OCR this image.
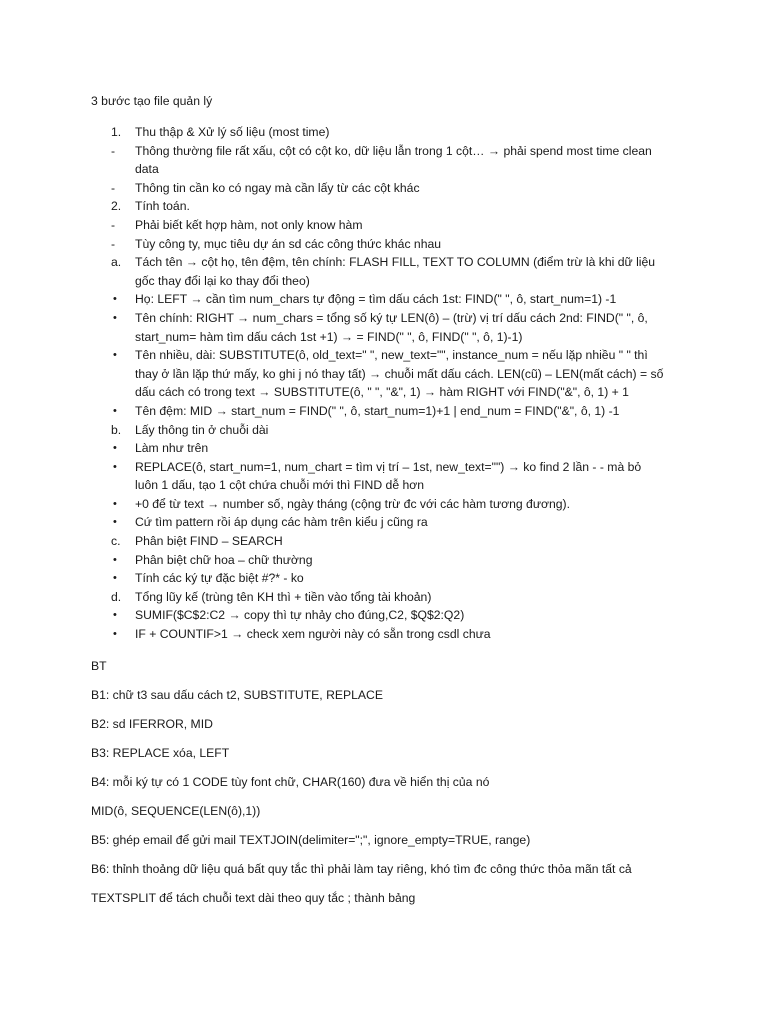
3 bước tạo file quản lý
1. Thu thập & Xử lý số liệu (most time)
- Thông thường file rất xấu, cột có cột ko, dữ liệu lẫn trong 1 cột… → phải spend most time clean
data
- Thông tin cần ko có ngay mà cần lấy từ các cột khác
2. Tính toán.
- Phải biết kết hợp hàm, not only know hàm
- Tùy công ty, mục tiêu dự án sd các công thức khác nhau
a. Tách tên → cột họ, tên đệm, tên chính: FLASH FILL, TEXT TO COLUMN (điểm trừ là khi dữ liệu
gốc thay đổi lại ko thay đổi theo)
• Họ: LEFT → cần tìm num_chars tự động = tìm dấu cách 1st: FIND(" ", ô, start_num=1) -1
• Tên chính: RIGHT → num_chars = tổng số ký tự LEN(ô) – (trừ) vị trí dấu cách 2nd: FIND(" ", ô,
start_num= hàm tìm dấu cách 1st +1) → = FIND(" ", ô, FIND(" ", ô, 1)-1)
• Tên nhiều, dài: SUBSTITUTE(ô, old_text=" ", new_text="", instance_num = nếu lặp nhiều " " thì
thay ở lần lặp thứ mấy, ko ghi j nó thay tất) → chuỗi mất dấu cách. LEN(cũ) – LEN(mất cách) = số
dấu cách có trong text → SUBSTITUTE(ô, " ", "&", 1) → hàm RIGHT với FIND("&", ô, 1) + 1
• Tên đệm: MID → start_num = FIND(" ", ô, start_num=1)+1 | end_num = FIND("&", ô, 1) -1
b. Lấy thông tin ở chuỗi dài
• Làm như trên
• REPLACE(ô, start_num=1, num_chart = tìm vị trí – 1st, new_text="") → ko find 2 lần - - mà bỏ
luôn 1 dấu, tạo 1 cột chứa chuỗi mới thì FIND dễ hơn
• +0 để từ text → number số, ngày tháng (cộng trừ đc với các hàm tương đương).
• Cứ tìm pattern rồi áp dụng các hàm trên kiểu j cũng ra
c. Phân biệt FIND – SEARCH
• Phân biệt chữ hoa – chữ thường
• Tính các ký tự đặc biệt #?* - ko
d. Tổng lũy kế (trùng tên KH thì + tiền vào tổng tài khoản)
• SUMIF($C$2:C2 → copy thì tự nhảy cho đúng,C2, $Q$2:Q2)
• IF + COUNTIF>1 → check xem người này có sẵn trong csdl chưa
BT
B1: chữ t3 sau dấu cách t2, SUBSTITUTE, REPLACE
B2: sd IFERROR, MID
B3: REPLACE xóa, LEFT
B4: mỗi ký tự có 1 CODE tùy font chữ, CHAR(160) đưa về hiển thị của nó
MID(ô, SEQUENCE(LEN(ô),1))
B5: ghép email để gửi mail TEXTJOIN(delimiter=";", ignore_empty=TRUE, range)
B6: thỉnh thoảng dữ liệu quá bất quy tắc thì phải làm tay riêng, khó tìm đc công thức thỏa mãn tất cả
TEXTSPLIT để tách chuỗi text dài theo quy tắc ; thành bảng
